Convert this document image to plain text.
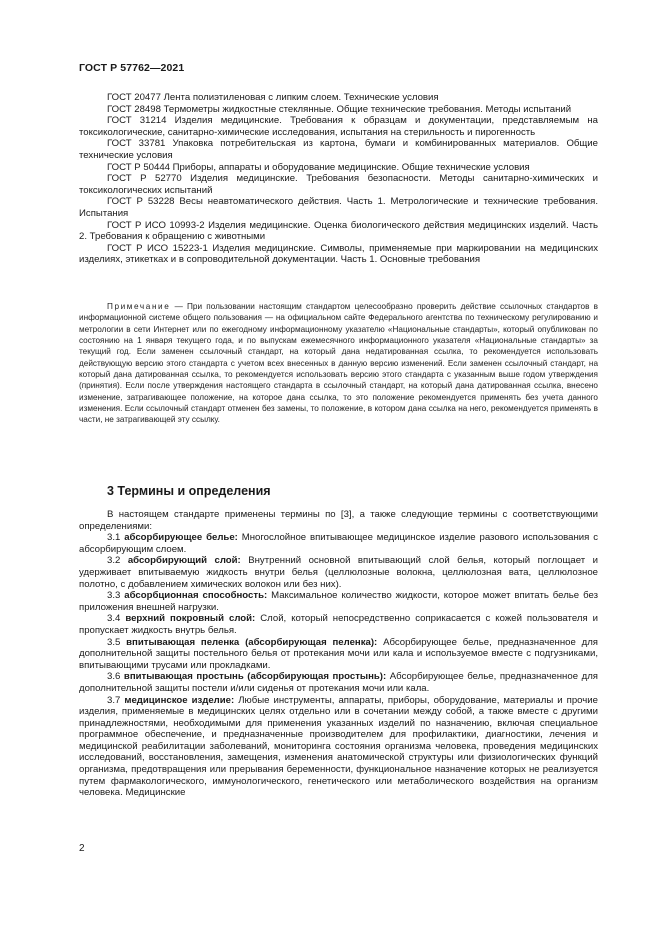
ГОСТ Р 57762—2021

ГОСТ 20477 Лента полиэтиленовая с липким слоем. Технические условия

ГОСТ 28498 Термометры жидкостные стеклянные. Общие технические требования. Методы испытаний

ГОСТ 31214 Изделия медицинские. Требования к образцам и документации, представляемым на токсикологические, санитарно-химические исследования, испытания на стерильность и пирогенность

ГОСТ 33781 Упаковка потребительская из картона, бумаги и комбинированных материалов. Общие технические условия

ГОСТ Р 50444 Приборы, аппараты и оборудование медицинские. Общие технические условия

ГОСТ Р 52770 Изделия медицинские. Требования безопасности. Методы санитарно-химических и токсикологических испытаний

ГОСТ Р 53228 Весы неавтоматического действия. Часть 1. Метрологические и технические требования. Испытания

ГОСТ Р ИСО 10993-2 Изделия медицинские. Оценка биологического действия медицинских изделий. Часть 2. Требования к обращению с животными

ГОСТ Р ИСО 15223-1 Изделия медицинские. Символы, применяемые при маркировании на медицинских изделиях, этикетках и в сопроводительной документации. Часть 1. Основные требования

Примечание — При пользовании настоящим стандартом целесообразно проверить действие ссылочных стандартов в информационной системе общего пользования — на официальном сайте Федерального агентства по техническому регулированию и метрологии в сети Интернет или по ежегодному информационному указателю «Национальные стандарты», который опубликован по состоянию на 1 января текущего года, и по выпускам ежемесячного информационного указателя «Национальные стандарты» за текущий год. Если заменен ссылочный стандарт, на который дана недатированная ссылка, то рекомендуется использовать действующую версию этого стандарта с учетом всех внесенных в данную версию изменений. Если заменен ссылочный стандарт, на который дана датированная ссылка, то рекомендуется использовать версию этого стандарта с указанным выше годом утверждения (принятия). Если после утверждения настоящего стандарта в ссылочный стандарт, на который дана датированная ссылка, внесено изменение, затрагивающее положение, на которое дана ссылка, то это положение рекомендуется применять без учета данного изменения. Если ссылочный стандарт отменен без замены, то положение, в котором дана ссылка на него, рекомендуется применять в части, не затрагивающей эту ссылку.

3 Термины и определения

В настоящем стандарте применены термины по [3], а также следующие термины с соответствующими определениями:

3.1 абсорбирующее белье: Многослойное впитывающее медицинское изделие разового использования с абсорбирующим слоем.

3.2 абсорбирующий слой: Внутренний основной впитывающий слой белья, который поглощает и удерживает впитываемую жидкость внутри белья (целлюлозные волокна, целлюлозная вата, целлюлозное полотно, с добавлением химических волокон или без них).

3.3 абсорбционная способность: Максимальное количество жидкости, которое может впитать белье без приложения внешней нагрузки.

3.4 верхний покровный слой: Слой, который непосредственно соприкасается с кожей пользователя и пропускает жидкость внутрь белья.

3.5 впитывающая пеленка (абсорбирующая пеленка): Абсорбирующее белье, предназначенное для дополнительной защиты постельного белья от протекания мочи или кала и используемое вместе с подгузниками, впитывающими трусами или прокладками.

3.6 впитывающая простынь (абсорбирующая простынь): Абсорбирующее белье, предназначенное для дополнительной защиты постели и/или сиденья от протекания мочи или кала.

3.7 медицинское изделие: Любые инструменты, аппараты, приборы, оборудование, материалы и прочие изделия, применяемые в медицинских целях отдельно или в сочетании между собой, а также вместе с другими принадлежностями, необходимыми для применения указанных изделий по назначению, включая специальное программное обеспечение, и предназначенные производителем для профилактики, диагностики, лечения и медицинской реабилитации заболеваний, мониторинга состояния организма человека, проведения медицинских исследований, восстановления, замещения, изменения анатомической структуры или физиологических функций организма, предотвращения или прерывания беременности, функциональное назначение которых не реализуется путем фармакологического, иммунологического, генетического или метаболического воздействия на организм человека. Медицинские

2
